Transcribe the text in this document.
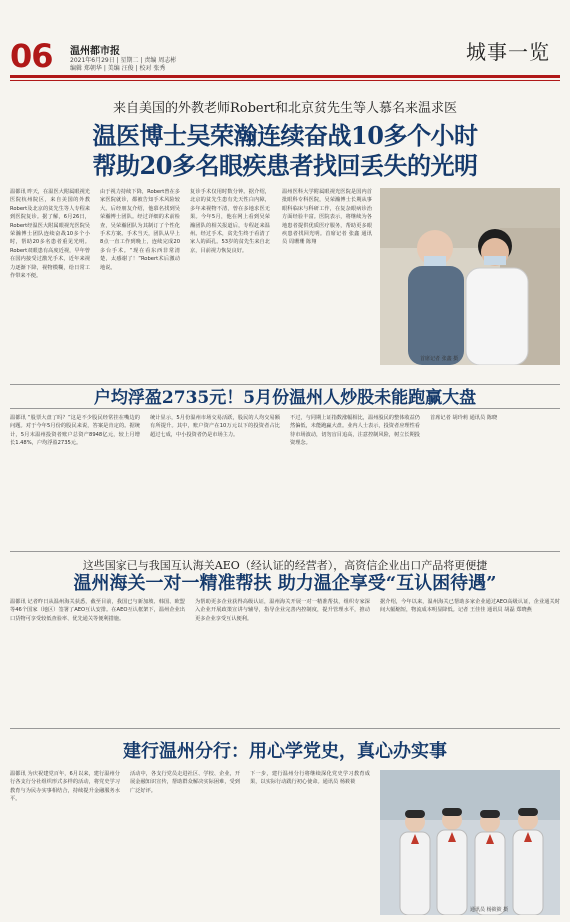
06 温州都市报
2021年6月29日 | 星期二 | 责编 周志彬
编辑 郑朝华 | 美编 汪俊 | 校对 张秀
城事一览
来自美国的外教老师Robert和北京贫先生等人慕名来温求医
温医博士吴荣瀚连续奋战10多个小时
帮助20多名眼疾患者找回丢失的光明
温都讯 昨天，在温医大附属眼视光医院杭州院区，来自美国的外教Robert及北京的贫先生等人专程来到医院复诊。据了解，6月26日，Robert经温医大附属眼视光医院吴荣瀚博士团队连续奋战10多个小时，帮助20多名患者重见光明。Robert双眼患有高度近视，早年曾在国内接受过激光手术，近年来视力逐渐下降，视物模糊，给日常工作带来不便。
由于视力持续下降，Robert曾在多家医院就诊，都被告知手术风险较大。后经朋友介绍，他慕名找到吴荣瀚博士团队。经过详细的术前检查，吴荣瀚团队为其制订了个性化手术方案。手术当天，团队从早上8点一直工作到晚上，连续完成20多台手术。“现在看东西非常清楚，太感谢了！”Robert术后激动地说。
复诊手术仅用时数分钟。据介绍，北京的贫先生患有先天性白内障，多年来视物不清，曾在多地求医无果。今年5月，他在网上看到吴荣瀚团队的相关报道后，专程赶来温州。经过手术，贫先生终于看清了家人的面孔。53岁的贫先生来自北京，目前视力恢复良好。
温州医科大学附属眼视光医院是国内首批眼科专科医院，吴荣瀚博士长期从事眼科临床与科研工作，在复杂眼病诊治方面经验丰富。医院表示，将继续为各地患者提供优质医疗服务，帮助更多眼疾患者找回光明。首席记者 张鑫 通讯员 周珊珊 陈翔
首席记者 张鑫 摄
户均浮盈2735元！5月份温州人炒股未能跑赢大盘
温都讯 “股票大盘了吗？”这是不少股民经常挂在嘴边的问题。对于今年5月份的股民来说，答案是肯定的。据统计，5月末温州投资者账户总资产8948亿元，较上月增长1.48%，户均浮盈2735元。
统计显示，5月份温州市场交易活跃，股民的人均交易额有所提升。其中，账户资产在10万元以下的投资者占比超过七成，中小投资者仍是市场主力。
不过，与同期上证指数涨幅相比，温州股民的整体收益仍然偏低，未能跑赢大盘。业内人士表示，投资者应理性看待市场波动，切勿盲目追高，注意控制风险，树立长期投资理念。
首席记者 胡玲莉 通讯员 陈晓
这些国家已与我国互认海关AEO（经认证的经营者），高资信企业出口产品将更便捷
温州海关一对一精准帮扶 助力温企享受“互认困待遇”
温都讯 记者昨日从温州海关获悉，截至目前，我国已与新加坡、韩国、欧盟等46个国家（地区）签署了AEO互认安排。在AEO互认框架下，温州企业出口货物可享受较低查验率、优先通关等便利措施。
为帮助更多企业获得高级认证，温州海关开展一对一精准帮扶，组织专家深入企业开展政策宣讲与辅导，指导企业完善内控制度，提升管理水平，推动更多企业享受互认便利。
据介绍，今年以来，温州海关已帮助多家企业通过AEO高级认证，企业通关时间大幅缩短，物流成本明显降低。记者 王佳佳 通讯员 胡磊 郑晓燕
建行温州分行：用心学党史，真心办实事
温都讯 为庆祝建党百年，6月以来，建行温州分行各支行分社组织形式多样的活动，将党史学习教育与为民办实事相结合，持续提升金融服务水平。
活动中，各支行党员走进社区、学校、企业，开展金融知识宣传，帮助群众解决实际困难，受到广泛好评。
下一步，建行温州分行将继续深化党史学习教育成果，以实际行动践行初心使命。通讯员 杨筱筱
通讯员 杨筱筱 摄
